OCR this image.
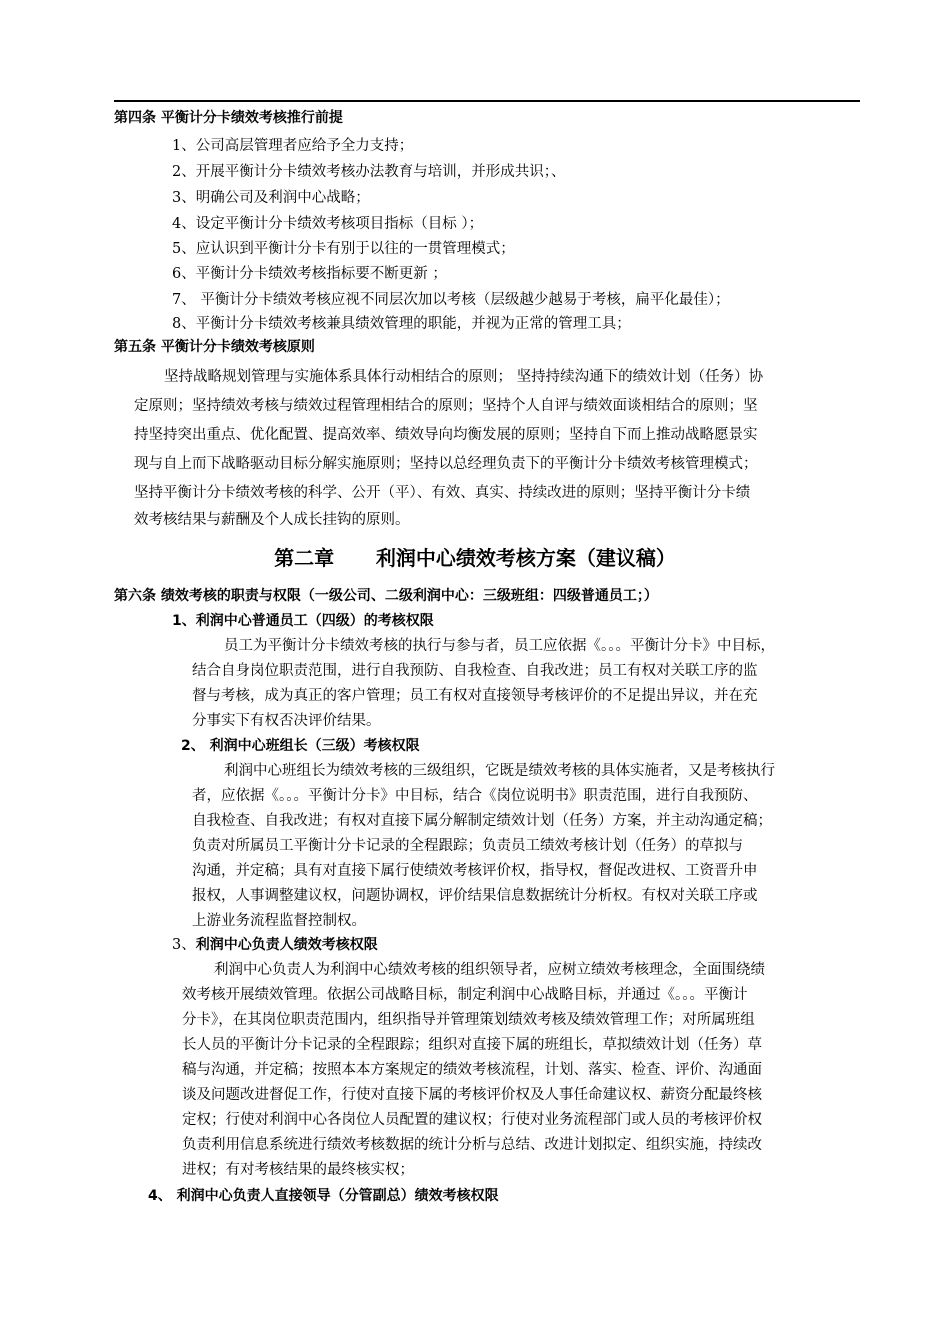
第四条 平衡计分卡绩效考核推行前提
1、公司高层管理者应给予全力支持；
2、开展平衡计分卡绩效考核办法教育与培训，并形成共识；、
3、明确公司及利润中心战略；
4、设定平衡计分卡绩效考核项目指标（目标 ）；
5、应认识到平衡计分卡有别于以往的一贯管理模式；
6、平衡计分卡绩效考核指标要不断更新 ；
7、 平衡计分卡绩效考核应视不同层次加以考核（层级越少越易于考核，扁平化最佳）；
8、平衡计分卡绩效考核兼具绩效管理的职能，并视为正常的管理工具；
第五条 平衡计分卡绩效考核原则
坚持战略规划管理与实施体系具体行动相结合的原则； 坚持持续沟通下的绩效计划（任务）协
定原则；坚持绩效考核与绩效过程管理相结合的原则；坚持个人自评与绩效面谈相结合的原则；坚
持坚持突出重点、优化配置、提高效率、绩效导向均衡发展的原则；坚持自下而上推动战略愿景实
现与自上而下战略驱动目标分解实施原则；坚持以总经理负责下的平衡计分卡绩效考核管理模式；
坚持平衡计分卡绩效考核的科学、公开（平）、有效、真实、持续改进的原则；坚持平衡计分卡绩
效考核结果与薪酬及个人成长挂钩的原则。
第二章      利润中心绩效考核方案（建议稿）
第六条 绩效考核的职责与权限（一级公司、二级利润中心：三级班组：四级普通员工；）
1、利润中心普通员工（四级）的考核权限
员工为平衡计分卡绩效考核的执行与参与者，员工应依据《。。。平衡计分卡》中目标，
结合自身岗位职责范围，进行自我预防、自我检查、自我改进；员工有权对关联工序的监
督与考核，成为真正的客户管理；员工有权对直接领导考核评价的不足提出异议，并在充
分事实下有权否决评价结果。
2、 利润中心班组长（三级）考核权限
利润中心班组长为绩效考核的三级组织，它既是绩效考核的具体实施者，又是考核执行
者，应依据《。。。平衡计分卡》中目标，结合《岗位说明书》职责范围，进行自我预防、
自我检查、自我改进；有权对直接下属分解制定绩效计划（任务）方案，并主动沟通定稿；
负责对所属员工平衡计分卡记录的全程跟踪；负责员工绩效考核计划（任务）的草拟与
沟通，并定稿；具有对直接下属行使绩效考核评价权，指导权，督促改进权、工资晋升申
报权，人事调整建议权，问题协调权，评价结果信息数据统计分析权。有权对关联工序或
上游业务流程监督控制权。
3、利润中心负责人绩效考核权限
利润中心负责人为利润中心绩效考核的组织领导者，应树立绩效考核理念，全面围绕绩
效考核开展绩效管理。依据公司战略目标，制定利润中心战略目标，并通过《。。。平衡计
分卡》，在其岗位职责范围内，组织指导并管理策划绩效考核及绩效管理工作；对所属班组
长人员的平衡计分卡记录的全程跟踪；组织对直接下属的班组长，草拟绩效计划（任务）草
稿与沟通，并定稿；按照本本方案规定的绩效考核流程，计划、落实、检查、评价、沟通面
谈及问题改进督促工作，行使对直接下属的考核评价权及人事任命建议权、薪资分配最终核
定权；行使对利润中心各岗位人员配置的建议权；行使对业务流程部门或人员的考核评价权
负责利用信息系统进行绩效考核数据的统计分析与总结、改进计划拟定、组织实施，持续改
进权；有对考核结果的最终核实权；
4、 利润中心负责人直接领导（分管副总）绩效考核权限
